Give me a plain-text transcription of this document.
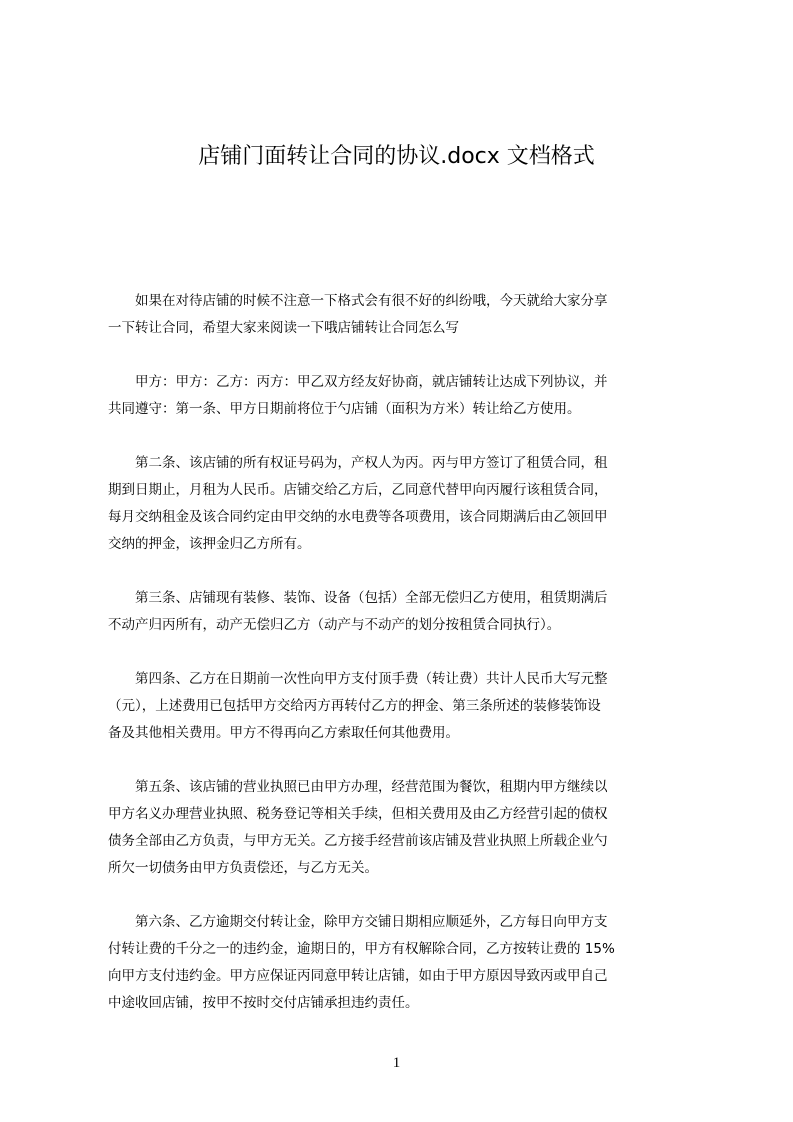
店铺门面转让合同的协议.docx 文档格式
如果在对待店铺的时候不注意一下格式会有很不好的纠纷哦，今天就给大家分享
一下转让合同，希望大家来阅读一下哦店铺转让合同怎么写
甲方：甲方：乙方：丙方：甲乙双方经友好协商，就店铺转让达成下列协议，并
共同遵守：第一条、甲方日期前将位于勺店铺（面积为方米）转让给乙方使用。
第二条、该店铺的所有权证号码为，产权人为丙。丙与甲方签订了租赁合同，租
期到日期止，月租为人民币。店铺交给乙方后，乙同意代替甲向丙履行该租赁合同，
每月交纳租金及该合同约定由甲交纳的水电费等各项费用，该合同期满后由乙领回甲
交纳的押金，该押金归乙方所有。
第三条、店铺现有装修、装饰、设备（包括）全部无偿归乙方使用，租赁期满后
不动产归丙所有，动产无偿归乙方（动产与不动产的划分按租赁合同执行）。
第四条、乙方在日期前一次性向甲方支付顶手费（转让费）共计人民币大写元整
（元），上述费用已包括甲方交给丙方再转付乙方的押金、第三条所述的装修装饰设
备及其他相关费用。甲方不得再向乙方索取任何其他费用。
第五条、该店铺的营业执照已由甲方办理，经营范围为餐饮，租期内甲方继续以
甲方名义办理营业执照、税务登记等相关手续，但相关费用及由乙方经营引起的债权
债务全部由乙方负责，与甲方无关。乙方接手经营前该店铺及营业执照上所载企业勺
所欠一切债务由甲方负责偿还，与乙方无关。
第六条、乙方逾期交付转让金，除甲方交铺日期相应顺延外，乙方每日向甲方支
付转让费的千分之一的违约金，逾期日的，甲方有权解除合同，乙方按转让费的 15%
向甲方支付违约金。甲方应保证丙同意甲转让店铺，如由于甲方原因导致丙或甲自己
中途收回店铺，按甲不按时交付店铺承担违约责任。
1
